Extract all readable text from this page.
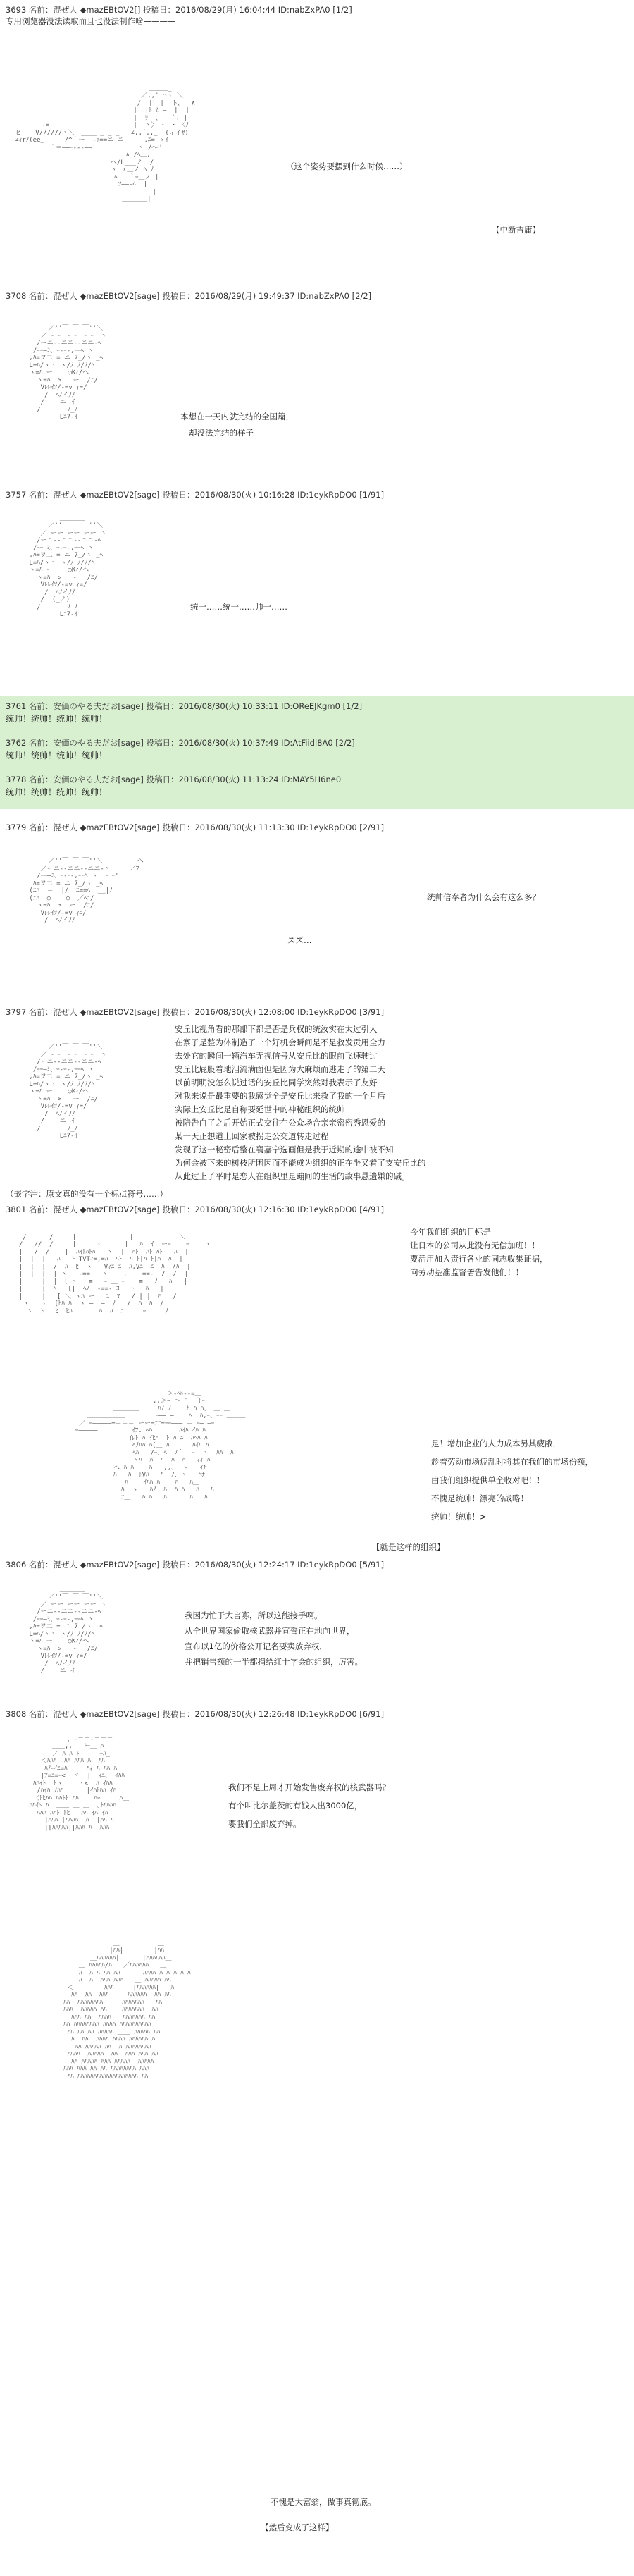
3693 名前：混ぜ人 ◆mazEBtOV2[] 投稿日：2016/08/29(月) 16:04:44 ID:nabZxPA0 [1/2]
专用浏览器没法读取而且也没法制作啥————

＿＿＿_
／,,' ⌒ヽ ＼
/  |  |  ト、  ∧
|  |ﾄ ﾑ ―  |  |
|  ﾘ  ､   ｀､ |
―‐=_____                 |  ヽ〉 ･  ･ 〈ﾉ
ヒ＿  V//////ヽ＼＿____ _ _ _   ∠,,´,,_  (ィイﾔ)
∠ｨrﾉ(ee_＿ ＿ /^｀ー――-ｧ==ニ ニ ＿ ＿.ﾆ=―ゝｲ
｀＝――ｰ‐‐‐――'           ヽ /⌒ｰ'
∧ /ﾍ＿,
ヘ/L___ノ  /
ヽ ゝ＿ノ ﾍ ﾉ
ﾍ   ｀ｰ＿ノ |
ｿ――‐ﾍ  |
|        |
|＿＿＿＿|

（这个姿势要摆到什么时候……）
【中断吉庸】
3708 名前：混ぜ人 ◆mazEBtOV2[sage] 投稿日：2016/08/29(月) 19:49:37 ID:nabZxPA0 [2/2]

＿＿＿＿
／''￣ ￣ ￣''＼
／ ーー ーー ーー ヽ
/ーニ-‐ニニ-‐ニニ‐ﾍ
/ｰｰ―ﾐ、ｰ‐ｰ-,ｰｰﾍ ヽ
,ﾊ=ヲ二 = ニ 7_/ヽ _ﾍ
L=ﾊ/ヽヽ ヽ/ﾉ ﾉ/ﾉ/ﾍ
ヽ=ﾊ ー    ○Kｨ/ヘ
ヽ=ﾊ  >   ー  /ﾆ/
Vﾚﾚｲｿ/-=v ｨ=/
/  ﾍﾉイﾉﾉ
/    ニ イ
/       ﾉ_ﾉ
Lﾆ7-ｲ	本想在一天内就完结的全国篇，
却没法完结的样子
3757 名前：混ぜ人 ◆mazEBtOV2[sage] 投稿日：2016/08/30(火) 10:16:28 ID:1eykRpDO0 [1/91]

＿＿＿＿
／''￣ ￣ ￣''＼
／ ーー ーー ーー ヽ
/ーニ-‐ニニ-‐ニニ‐ﾍ
/ｰｰ―ﾐ、ｰ‐ｰ-,ｰｰﾍ ヽ
,ﾊ=ヲ二 = ニ 7_/ヽ _ﾍ
L=ﾊ/ヽヽ ヽ/ﾉ ﾉ/ﾉ/ﾍ
ヽ=ﾊ ー    ○Kｨ/ヘ
ヽ=ﾊ  >   ー  /ﾆ/
Vﾚﾚｲｿ/-=v ｨ=/
/  ﾍﾉイﾉﾉ
/  (_ノ)
/       ﾉ_ﾉ
Lﾆ7-ｲ

统一……统一……帅一……
3761 名前：安価のやる夫だお[sage] 投稿日：2016/08/30(火) 10:33:11 ID:OReEJKgm0 [1/2]
统帅！统帅！统帅！统帅！
3762 名前：安価のやる夫だお[sage] 投稿日：2016/08/30(火) 10:37:49 ID:AtFiidl8A0 [2/2]
统帅！统帅！统帅！统帅！
3778 名前：安価のやる夫だお[sage] 投稿日：2016/08/30(火) 11:13:24 ID:MAY5H6ne0
统帅！统帅！统帅！统帅！
3779 名前：混ぜ人 ◆mazEBtOV2[sage] 投稿日：2016/08/30(火) 11:13:30 ID:1eykRpDO0 [2/91]

＿＿＿＿
／''￣ ￣ ￣''＼         ヘ
／ーニ-‐ニニ-‐ニニ‐ヽ     ／ﾌ
/ｰｰ―ﾐ、ｰ‐ｰ-,ｰｰﾍ ヽ  ーｰ'
ﾊ=ヲ二 = ニ 7_/ヽ _ﾍ
(ﾆﾊ  ＝  |/  ﾆ==ﾍ  __|ﾉ
(ﾆﾊ  ○    ○  ／ﾍﾆ/
ヽ=ﾊ  >  ー  /ﾆ/
Vﾚﾚｲｿ/-=v ｨﾆ/
/  ﾍﾉイﾉﾉ

统帅信奉者为什么会有这么多？
ズズ…
3797 名前：混ぜ人 ◆mazEBtOV2[sage] 投稿日：2016/08/30(火) 12:08:00 ID:1eykRpDO0 [3/91]

＿＿＿＿
／''￣ ￣ ￣''＼
／ ーー ーー ーー ヽ
/ーニ-‐ニニ-‐ニニ‐ﾍ
/ｰｰ―ﾐ、ｰ‐ｰ-,ｰｰﾍ ヽ
,ﾊ=ヲ二 = ニ 7_/ヽ _ﾍ
L=ﾊ/ヽヽ ヽ/ﾉ ﾉ/ﾉ/ﾍ
ヽ=ﾊ ー    ○Kｨ/ヘ
ヽ=ﾊ  >   ー  /ﾆ/
Vﾚﾚｲｿ/-=v ｨ=/
/  ﾍﾉイﾉﾉ
/    ニ イ
/       ﾉ_ﾉ
Lﾆ7-ｲ

安丘比视角看的那部下都是否是兵权的统汝实在太过引人
在寨子是整为体制造了一个好机会瞬间是不是救发贡用全力
去处它的瞬间一辆汽车无视信号从安丘比的眼前飞速驶过
安丘比屁股着地泪流满面但是因为大麻烦而逃走了的第二天
以前明明没怎么说过话的安丘比同学突然对我表示了友好
对我来说是最重要的我感觉全是安丘比来救了我的一个月后
实际上安丘比是自称要延世中的神秘组织的统帅
被陪告白了之后开始正式交往在公众场合亲亲密密秀恩爱的
某一天正想道上回家被拐走公交道转走过程
发现了这一秘密后整在襄嘉宁选画但是我于近期的途中被不知
为何会被下来的树枝所困因而不能成为组织的正在坐又着了支安丘比的
从此过上了平时是恋人在组织里是蹦间的生活的故事悬遗嫌的碱。
（嵌字注：原文真的没有一个标点符号……）
3801 名前：混ぜ人 ◆mazEBtOV2[sage] 投稿日：2016/08/30(火) 12:16:30 ID:1eykRpDO0 [4/91]

/      /     |              |            ＼
/   //  /     |     ヽ      |   ﾊ  ｲ  ーｰ    ｰ    ヽ
|   /  /    |  ﾊｲﾄﾊﾄﾊ   ヽ  |  ﾊﾄ  ﾊﾄ ﾊﾄ   ﾊ  |
|  |  |   ﾊ   ﾄ TVTｨ=,=ﾊ  ﾊﾄ  ﾊ ﾄ|ﾊ ﾄ|ﾊ  ﾊ  |
|  |  |  /  ﾊ  ﾋ  ヽ   Vｨﾆ ﾆ  ﾊ,Vﾆ  ﾆ  ﾊ  /ﾊ  |
|  |  |  | ヽ   -==   ヽ    ,    ==-  /  /  |
|     |  | 〔 ヽ   ≡   ｰ ＿ ー   ≡   ﾉ   ﾊ   |
|     |  ﾍ   [|  ﾍﾉ  -==- ﾖ   ﾄ   ﾊ   |
|     |   [ ＼ ヽﾊ ー   ﾕ  ﾏ   / | |  ﾊ   /
ヽ   ヽ  [ﾋﾊ ﾊ  ヽ ―  ―  ﾉ   /  ﾊ  ﾊ  /
ヽ  ﾄ   ﾋ  ﾋﾊ       ﾊ  ﾊ  ﾆ     ｰ     ﾉ

今年我们组织的目标是
让日本的公司从此没有无偿加班！！
要活用加入责行各业的同志收集证据，
向劳动基准监督署告发他们！！

＞‐ﾍﾙ‐-=＿
＿＿,,＞~ ～ ″ 〔ﾄｰ ＿ ＿＿
＿＿＿＿     ﾊﾉ ﾉ    ﾋ ﾊ ﾊ、 ＿ ＿
＿＿＿＿＿＿        ｰ―― ―    ﾍ  ﾊ,ｰ、ｰｰ ＿＿＿
／ ｰ―――――=＝＝＝ ーー=ﾆﾆ=ｰｰ――― ＝ ｰ― ―ｰ
ｰ―――――         ｲﾌ. ﾍﾊ       ﾊｲﾊ ｲﾊ ﾊ
ｲﾚﾄ ﾊ ｲﾋﾊ  ﾄ ﾊ ﾆ  ﾊﾍﾊ ﾊ
ﾍﾉﾊﾊ ﾊ(＿ ﾊ      ﾊｲﾊ ﾊ
ﾍﾊ   /ｰ、ﾍ  ﾉ｀  ｰ  ヽ  ﾊﾊ  ﾊ
ヽﾊ  ﾊ  ﾊ  ﾊ  ﾊ   ｨｨ ﾊ
ヘ ﾊ ﾊ    ﾊ   ,,､  ヽ   ｲﾁ
ﾊ   ﾊ  ﾄVﾊ   ﾊ  ﾉ、ヽ   ﾍﾅ
ﾊ    ｲﾊﾊ ﾊ    ﾊ   ﾊ＿
ﾊ  ゝ   ﾊﾉ  ﾊ  ﾊ ﾊ   ﾊ   ﾊ
ﾆ＿   ﾊ ﾊ   ﾊ      ﾊ   ﾊ

是！增加企业的人力成本另其疲敝，
趁着劳动市场疲乱时将其在我们的市场份额，
由我们组织提供单全收对吧！！
不愧是统帅！漂亮的战略！
统帅！统帅！>
【就是这样的组织】
3806 名前：混ぜ人 ◆mazEBtOV2[sage] 投稿日：2016/08/30(火) 12:24:17 ID:1eykRpDO0 [5/91]

＿＿＿＿
／''￣ ￣ ￣''＼
／ ーー ーー ーー ヽ
/ーニ-‐ニニ-‐ニニ‐ﾍ
/ｰｰ―ﾐ、ｰ‐ｰ-,ｰｰﾍ ヽ
,ﾊ=ヲ二 = ニ 7_/ヽ _ﾍ
L=ﾊ/ヽヽ ヽ/ﾉ ﾉ/ﾉ/ﾍ
ヽ=ﾊ ー    ○Kｨ/ヘ
ヽ=ﾊ  >   ー  /ﾆ/
Vﾚﾚｲｿ/-=v ｨ=/
/  ﾍﾉイﾉﾉ
/    ニ イ

我因为忙于大言寡，所以这能接手啊。
从全世界国家偷取核武器并宣誓正在地向世界，
宣布以1亿的价格公开记名要卖放弃权，
并把销售额的一半都捐给红十字会的组织，厉害。
3808 名前：混ぜ人 ◆mazEBtOV2[sage] 投稿日：2016/08/30(火) 12:26:48 ID:1eykRpDO0 [6/91]

，-＝＝-＝＝＝
＿＿,,―――ﾄｰ＿ ﾊ
／ ﾊ ﾊ ﾄ ＿＿ ｰﾊ_
＜ﾊﾊﾊ  ﾊﾊ ﾊﾊﾊ ﾊ  ﾊﾊ
ﾊﾉｰｲﾆ=ﾊ     ﾊｨ ﾊ ﾊﾊ ﾊ
|ｱ=ﾆ=ｰ<  ヾ  |  ｨﾆ、 ｲﾊﾊ
ﾊﾊｲﾄ  ﾄヽ    ヽ<  ﾊ ｲﾊﾊ
/ﾊｲﾊ ﾉﾊﾊ      |ｲﾊﾄﾊﾊ ｲﾊ
〈ﾄﾋﾊﾊ ﾊﾊﾄﾄ ﾊﾊ    ﾊｰ     ﾊ＿
ﾊﾊｲﾍ ﾊ  ＿＿ ＿ ＿  ｡ﾄﾊﾊﾊﾊ
|ﾊﾊﾊ ﾊﾊﾄ ﾄﾋ   ﾊﾊ ｲﾊ ｲﾊ
|ﾊﾊﾊ |ﾊﾊﾊﾊ  ﾊ  |ﾊﾊ ﾊ
|[ﾊﾊﾊﾊﾊ]|ﾊﾊﾊ ﾊ  ﾊﾊﾊ

我们不是上周才开始发售废弃权的核武器吗？
有个叫比尔盖茨的有钱人出3000亿，
要我们全部废弃掉。

＿          ＿
|ﾊﾊ|        |ﾊﾊ|
＿ﾊﾊﾊﾊﾊﾊ|      |ﾊﾊﾊﾊﾊﾊ＿
＿ ﾊﾊﾊﾊﾊ/ﾊ   ／ﾊﾊﾊﾊﾊﾊ   ＿
ﾊ  ﾊ ﾊ ﾊﾊ ﾊﾊ      ﾊﾊﾊﾊ ﾊ ﾊ ﾊ ﾊ ﾊ
ﾊ  ﾊ  ﾊﾊﾊ ﾊﾊﾊ   ＿ ﾊﾊﾊﾊﾊ ﾊﾊ
＜ ＿＿＿  ﾊﾊﾊ     |ﾊﾊﾊﾊﾊﾊ|   ﾊ
ﾊﾊ  ﾊﾊ  ﾊﾊﾊ     ﾊﾊﾊﾊﾊﾊ  ﾊﾊ ﾊﾊ
ﾊﾊ  ﾊﾊﾊﾊﾊﾊﾊﾊ     ﾊﾊﾊﾊﾊﾊﾊ   ﾊﾊ
ﾊﾊﾊ  ﾊﾊﾊﾊﾊ ﾊﾊ    ﾊﾊﾊﾊﾊﾊﾊ  ﾊﾊ
ﾊﾊﾊ ﾊﾊ  ﾊﾊﾊﾊ   ﾊﾊﾊﾊﾊﾊﾊ ﾊﾊ
ﾊﾊ ﾊﾊﾊﾊﾊﾊﾊﾊ ﾊﾊﾊﾊ ﾊﾊﾊﾊﾊﾊﾊﾊﾊﾊ
ﾊﾊ ﾊﾊ ﾊﾊ ﾊﾊﾊﾊﾊ ＿＿ ﾊﾊﾊﾊﾊ ﾊﾊ
ﾊ  ﾊﾊ  ﾊﾊﾊﾊ ﾊﾊﾊﾊ ﾊﾊﾊﾊﾊﾊ ﾊ
ﾊﾊ ﾊﾊﾊﾊﾊ ﾊﾊ  ﾊ ﾊﾊﾊﾊﾊﾊﾊﾊ
ﾊﾊﾊﾊ  ﾊﾊﾊﾊﾊ  ﾊﾊ  ﾊﾊﾊ ﾊﾊﾊ ﾊﾊ
ﾊﾊ ﾊﾊﾊﾊﾊ ﾊﾊﾊ ﾊﾊﾊﾊﾊ  ﾊﾊﾊﾊﾊ
ﾊﾊﾊ ﾊﾊﾊ ﾊﾊ ﾊﾊ ﾊﾊﾊﾊﾊﾊﾊﾊ ﾊﾊﾊ
ﾊﾊ ﾊﾊﾊﾊﾊﾊﾊﾊﾊﾊﾊﾊﾊﾊﾊﾊﾊﾊﾊ ﾊﾊ

不愧是大富翁，做事真彻底。
【然后变成了这样】
